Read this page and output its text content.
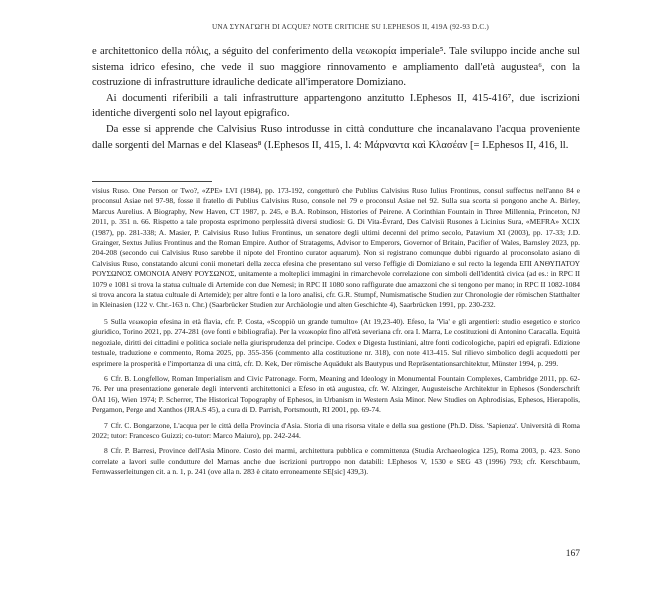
UNA ΣΥΝΑΓΩΓΗ DI ACQUE? NOTE CRITICHE SU I.EPHESOS II, 419A (92-93 D.C.)

e architettonico della πόλις, a séguito del conferimento della νεωκορία imperiale⁵. Tale sviluppo incide anche sul sistema idrico efesino, che vede il suo maggiore rinnovamento e ampliamento dall'età augustea⁶, con la costruzione di infrastrutture idrauliche dedicate all'imperatore Domiziano.

Ai documenti riferibili a tali infrastrutture appartengono anzitutto I.Ephesos II, 415-416⁷, due iscrizioni identiche divergenti solo nel layout epigrafico.

Da esse si apprende che Calvisius Ruso introdusse in città condutture che incanalavano l'acqua proveniente dalle sorgenti del Marnas e del Klaseas⁸ (I.Ephesos II, 415, l. 4: Μάρναντα καὶ Κλασέαν [= I.Ephesos II, 416, ll.

visius Ruso. One Person or Two?, «ZPE» LVI (1984), pp. 173-192, congetturò che Publius Calvisius Ruso Iulius Frontinus, consul suffectus nell'anno 84 e proconsul Asiae nel 97-98, fosse il fratello di Publius Calvisius Ruso, console nel 79 e proconsul Asiae nel 92. Sulla sua scorta si pongono anche A. Birley, Marcus Aurelius. A Biography, New Haven, CT 1987, p. 245, e B.A. Robinson, Histories of Peirene. A Corinthian Fountain in Three Millennia, Princeton, NJ 2011, p. 351 n. 66. Rispetto a tale proposta esprimono perplessità diversi studiosi: G. Di Vita-Évrard, Des Calvisii Rusones à Licinius Sura, «MEFRA» XCIX (1987), pp. 281-338; A. Masier, P. Calvisius Ruso Iulius Frontinus, un senatore degli ultimi decenni del primo secolo, Patavium XI (2003), pp. 17-33; J.D. Grainger, Sextus Julius Frontinus and the Roman Empire. Author of Stratagems, Advisor to Emperors, Governor of Britain, Pacifier of Wales, Barnsley 2023, pp. 204-208 (secondo cui Calvisius Ruso sarebbe il nipote del Frontino curator aquarum). Non si registrano comunque dubbi riguardo al proconsolato asiano di Calvisius Ruso, constatando alcuni conii monetari della zecca efesina che presentano sul verso l'effigie di Domiziano e sul recto la legenda ΕΠΙ ΑΝΘΥΠΑΤΟΥ ΡΟΥΣΩΝΟΣ ΟΜΟΝΟΙΑ ΑΝΘΥ ΡΟΥΣΩΝΟΣ, unitamente a molteplici immagini in rimarchevole correlazione con simboli dell'identità civica (ad es.: in RPC II 1079 e 1081 si trova la statua cultuale di Artemide con due Nemesi; in RPC II 1080 sono raffigurate due amazzoni che si tengono per mano; in RPC II 1082-1084 si trova ancora la statua cultuale di Artemide); per altre fonti e la loro analisi, cfr. G.R. Stumpf, Numismatische Studien zur Chronologie der römischen Statthalter in Kleinasien (122 v. Chr.-163 n. Chr.) (Saarbrücker Studien zur Archäologie und alten Geschichte 4), Saarbrücken 1991, pp. 230-232.

5 Sulla νεωκορία efesina in età flavia, cfr. P. Costa, «Scoppiò un grande tumulto» (At 19,23-40). Efeso, la 'Via' e gli argentieri: studio esegetico e storico giuridico, Torino 2021, pp. 274-281 (ove fonti e bibliografia). Per la νεωκορία fino all'età severiana cfr. ora I. Marra, Le costituzioni di Antonino Caracalla. Equità negoziale, diritti dei cittadini e politica sociale nella giurisprudenza del principe. Codex e Digesta Iustiniani, altre fonti codicologiche, papiri ed epigrafi. Edizione testuale, traduzione e commento, Roma 2025, pp. 355-356 (commento alla costituzione nr. 318), con note 413-415. Sul rilievo simbolico degli acquedotti per esprimere la prosperità e l'importanza di una città, cfr. D. Kek, Der römische Aquädukt als Bautypus und Repräsentationsarchitektur, Münster 1994, p. 299.

6 Cfr. B. Longfellow, Roman Imperialism and Civic Patronage. Form, Meaning and Ideology in Monumental Fountain Complexes, Cambridge 2011, pp. 62-76. Per una presentazione generale degli interventi architettonici a Efeso in età augustea, cfr. W. Alzinger, Augusteische Architektur in Ephesos (Sonderschrift ÖAI 16), Wien 1974; P. Scherrer, The Historical Topography of Ephesos, in Urbanism in Western Asia Minor. New Studies on Aphrodisias, Ephesos, Hierapolis, Pergamon, Perge and Xanthos (JRA.S 45), a cura di D. Parrish, Portsmouth, RI 2001, pp. 69-74.

7 Cfr. C. Bongarzone, L'acqua per le città della Provincia d'Asia. Storia di una risorsa vitale e della sua gestione (Ph.D. Diss. 'Sapienza'. Università di Roma 2022; tutor: Francesco Guizzi; co-tutor: Marco Maiuro), pp. 242-244.

8 Cfr. P. Barresi, Province dell'Asia Minore. Costo dei marmi, architettura pubblica e committenza (Studia Archaeologica 125), Roma 2003, p. 423. Sono correlate a lavori sulle condutture del Marnas anche due iscrizioni purtroppo non databili: I.Ephesos V, 1530 e SEG 43 (1996) 793; cfr. Kerschbaum, Fernwasserleitungen cit. a n. 1, p. 241 (ove alla n. 283 è citato erroneamente SE[sic] 439,3).

167
